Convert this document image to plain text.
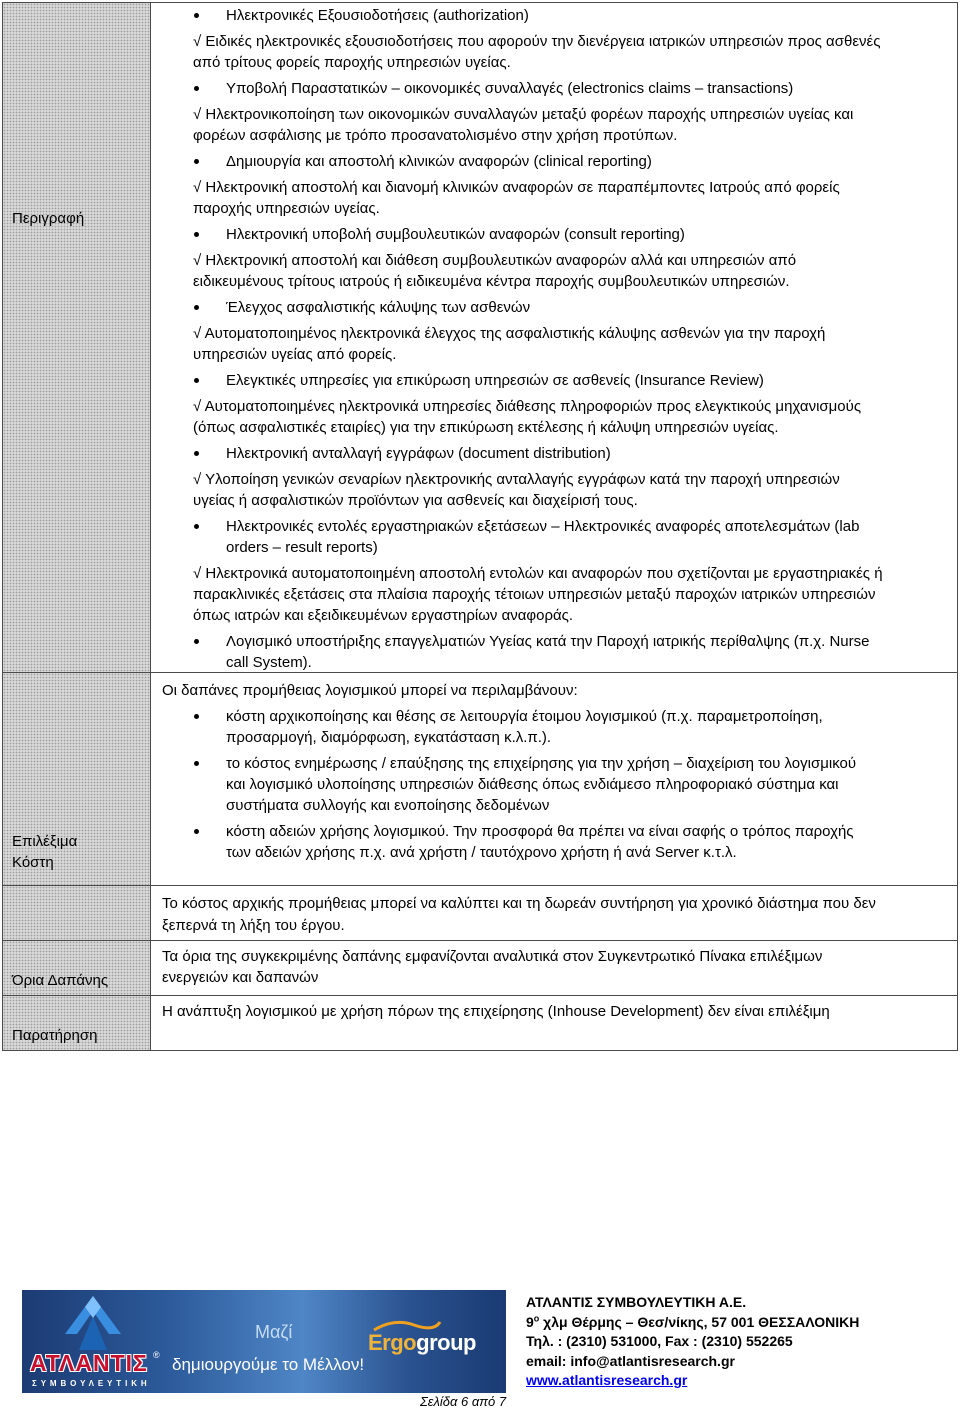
Περιγραφή
Ηλεκτρονικές Εξουσιοδοτήσεις (authorization)
√ Ειδικές ηλεκτρονικές εξουσιοδοτήσεις που αφορούν την διενέργεια ιατρικών υπηρεσιών προς ασθενές
από τρίτους φορείς παροχής υπηρεσιών υγείας.
Υποβολή Παραστατικών – οικονομικές συναλλαγές (electronics claims – transactions)
√ Ηλεκτρονικοποίηση των οικονομικών συναλλαγών μεταξύ φορέων παροχής υπηρεσιών υγείας και
φορέων ασφάλισης με τρόπο προσανατολισμένο στην χρήση προτύπων.
Δημιουργία και αποστολή κλινικών αναφορών (clinical reporting)
√ Ηλεκτρονική αποστολή και διανομή κλινικών αναφορών σε παραπέμποντες Ιατρούς από φορείς
παροχής υπηρεσιών υγείας.
Ηλεκτρονική υποβολή συμβουλευτικών αναφορών (consult reporting)
√ Ηλεκτρονική αποστολή και διάθεση συμβουλευτικών αναφορών αλλά και υπηρεσιών από
ειδικευμένους τρίτους ιατρούς ή ειδικευμένα κέντρα παροχής συμβουλευτικών υπηρεσιών.
Έλεγχος ασφαλιστικής κάλυψης των ασθενών
√ Αυτοματοποιημένος ηλεκτρονικά έλεγχος της ασφαλιστικής κάλυψης ασθενών για την παροχή
υπηρεσιών υγείας από φορείς.
Ελεγκτικές υπηρεσίες για επικύρωση υπηρεσιών σε ασθενείς (Insurance Review)
√ Αυτοματοποιημένες ηλεκτρονικά υπηρεσίες διάθεσης πληροφοριών προς ελεγκτικούς μηχανισμούς
(όπως ασφαλιστικές εταιρίες) για την επικύρωση εκτέλεσης ή κάλυψη υπηρεσιών υγείας.
Ηλεκτρονική ανταλλαγή εγγράφων (document distribution)
√ Υλοποίηση γενικών σεναρίων ηλεκτρονικής ανταλλαγής εγγράφων κατά την παροχή υπηρεσιών
υγείας ή ασφαλιστικών προϊόντων για ασθενείς και διαχείρισή τους.
Ηλεκτρονικές εντολές εργαστηριακών εξετάσεων – Ηλεκτρονικές αναφορές αποτελεσμάτων (lab
orders – result reports)
√ Ηλεκτρονικά αυτοματοποιημένη αποστολή εντολών και αναφορών που σχετίζονται με εργαστηριακές ή
παρακλινικές εξετάσεις στα πλαίσια παροχής τέτοιων υπηρεσιών μεταξύ παροχών ιατρικών υπηρεσιών
όπως ιατρών και εξειδικευμένων εργαστηρίων αναφοράς.
Λογισμικό υποστήριξης επαγγελματιών Υγείας κατά την Παροχή ιατρικής περίθαλψης (π.χ. Nurse
call System).
Επιλέξιμα
Κόστη
Οι δαπάνες προμήθειας λογισμικού μπορεί να περιλαμβάνουν:
κόστη αρχικοποίησης και θέσης σε λειτουργία έτοιμου λογισμικού (π.χ. παραμετροποίηση,
προσαρμογή, διαμόρφωση, εγκατάσταση κ.λ.π.).
το κόστος ενημέρωσης / επαύξησης της επιχείρησης για την χρήση – διαχείριση του λογισμικού
και λογισμικό υλοποίησης υπηρεσιών διάθεσης όπως ενδιάμεσο πληροφοριακό σύστημα και
συστήματα συλλογής και ενοποίησης δεδομένων
κόστη αδειών χρήσης λογισμικού. Την προσφορά θα πρέπει να είναι σαφής ο τρόπος παροχής
των αδειών χρήσης π.χ. ανά χρήστη / ταυτόχρονο χρήστη ή ανά Server κ.τ.λ.
Το κόστος αρχικής προμήθειας μπορεί να καλύπτει και τη δωρεάν συντήρηση για χρονικό διάστημα που δεν
ξεπερνά τη λήξη του έργου.
Όρια Δαπάνης
Τα όρια της συγκεκριμένης δαπάνης εμφανίζονται αναλυτικά στον Συγκεντρωτικό Πίνακα επιλέξιμων
ενεργειών και δαπανών
Παρατήρηση
Η ανάπτυξη λογισμικού με χρήση πόρων της επιχείρησης (Inhouse Development) δεν είναι επιλέξιμη
ΑΤΛΑΝΤΙΣ ®
ΣΥΜΒΟΥΛΕΥΤΙΚΗ
Μαζί
δημιουργούμε το Μέλλον!
Ergogroup
ΑΤΛΑΝΤΙΣ ΣΥΜΒΟΥΛΕΥΤΙΚΗ Α.Ε.
$9^o$ χλμ Θέρμης – Θεσ/νίκης, 57 001 ΘΕΣΣΑΛΟΝΙΚΗ
Τηλ. : (2310) 531000, Fax : (2310) 552265
email: info@atlantisresearch.gr
www.atlantisresearch.gr
Σελίδα 6 από 7
